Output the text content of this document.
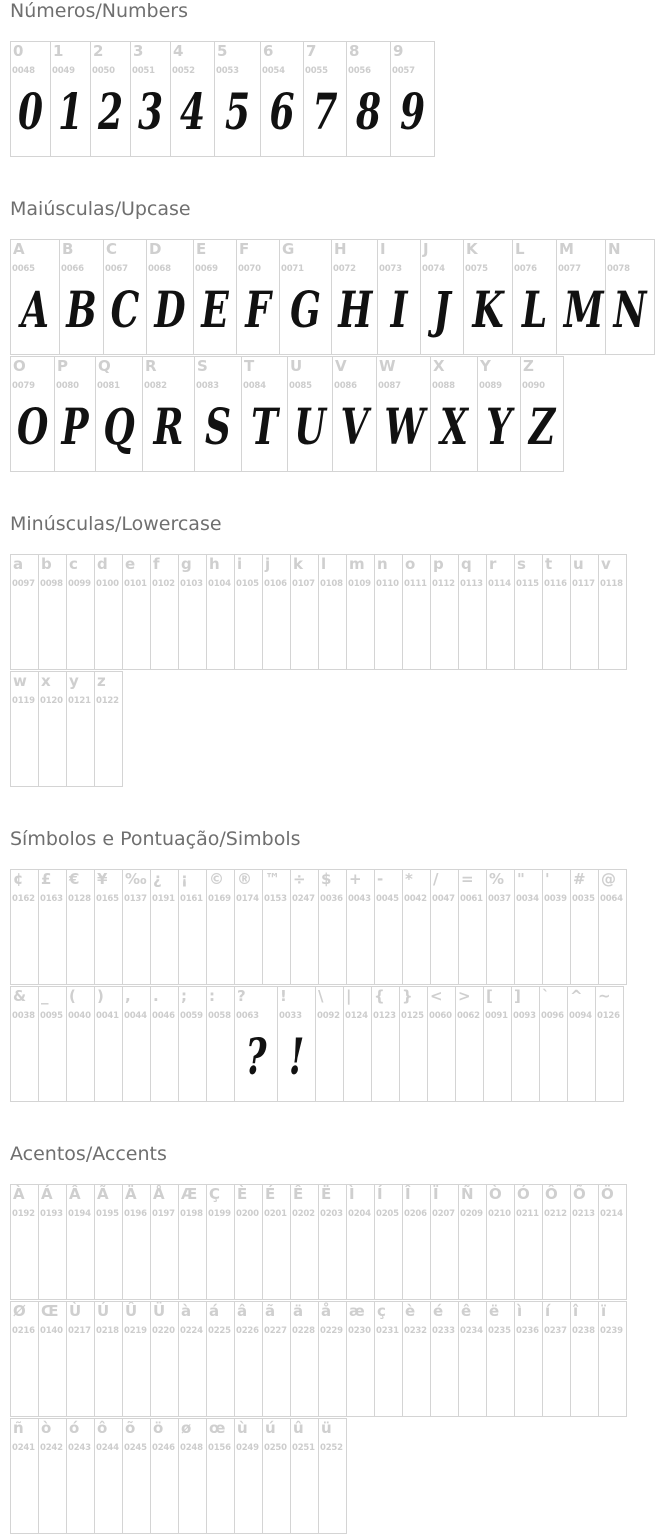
Números/Numbers
0
0048
0
1
0049
1
2
0050
2
3
0051
3
4
0052
4
5
0053
5
6
0054
6
7
0055
7
8
0056
8
9
0057
9
Maiúsculas/Upcase
A
0065
A
B
0066
B
C
0067
C
D
0068
D
E
0069
E
F
0070
F
G
0071
G
H
0072
H
I
0073
I
J
0074
J
K
0075
K
L
0076
L
M
0077
M
N
0078
N
O
0079
O
P
0080
P
Q
0081
Q
R
0082
R
S
0083
S
T
0084
T
U
0085
U
V
0086
V
W
0087
W
X
0088
X
Y
0089
Y
Z
0090
Z
Minúsculas/Lowercase
a
0097
b
0098
c
0099
d
0100
e
0101
f
0102
g
0103
h
0104
i
0105
j
0106
k
0107
l
0108
m
0109
n
0110
o
0111
p
0112
q
0113
r
0114
s
0115
t
0116
u
0117
v
0118
w
0119
x
0120
y
0121
z
0122
Símbolos e Pontuação/Simbols
¢
0162
£
0163
€
0128
¥
0165
‰
0137
¿
0191
¡
0161
©
0169
®
0174
™
0153
÷
0247
$
0036
+
0043
-
0045
*
0042
/
0047
=
0061
%
0037
"
0034
'
0039
#
0035
@
0064
&
0038
_
0095
(
0040
)
0041
,
0044
.
0046
;
0059
:
0058
?
0063
?
!
0033
!
\
0092
|
0124
{
0123
}
0125
<
0060
>
0062
[
0091
]
0093
`
0096
^
0094
~
0126
Acentos/Accents
À
0192
Á
0193
Â
0194
Ã
0195
Ä
0196
Å
0197
Æ
0198
Ç
0199
È
0200
É
0201
Ê
0202
Ë
0203
Ì
0204
Í
0205
Î
0206
Ï
0207
Ñ
0209
Ò
0210
Ó
0211
Ô
0212
Õ
0213
Ö
0214
Ø
0216
Œ
0140
Ù
0217
Ú
0218
Û
0219
Ü
0220
à
0224
á
0225
â
0226
ã
0227
ä
0228
å
0229
æ
0230
ç
0231
è
0232
é
0233
ê
0234
ë
0235
ì
0236
í
0237
î
0238
ï
0239
ñ
0241
ò
0242
ó
0243
ô
0244
õ
0245
ö
0246
ø
0248
œ
0156
ù
0249
ú
0250
û
0251
ü
0252
